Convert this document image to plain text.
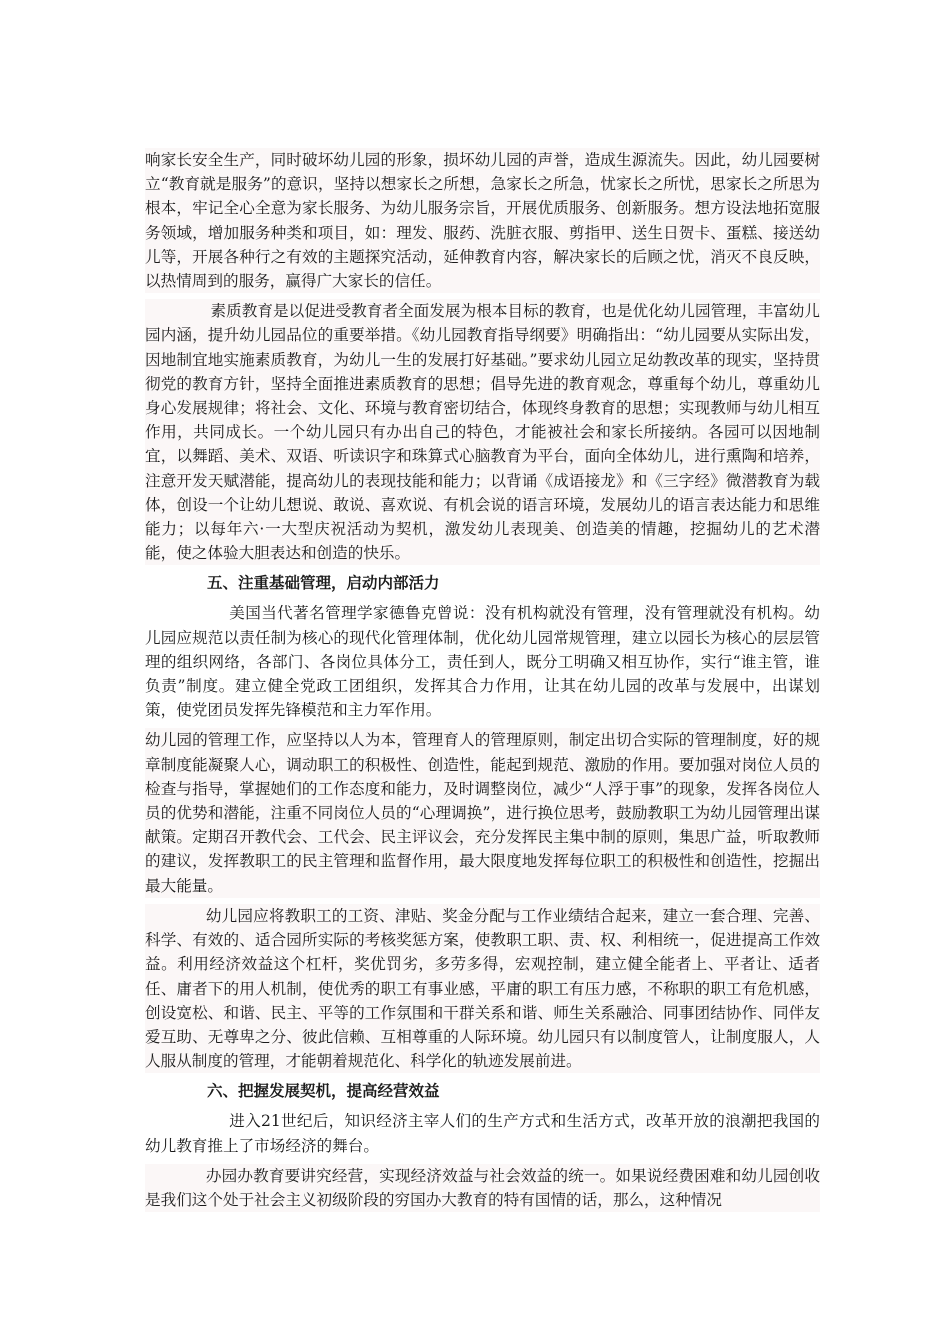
响家长安全生产，同时破坏幼儿园的形象，损坏幼儿园的声誉，造成生源流失。因此，幼儿园要树立“教育就是服务”的意识，坚持以想家长之所想，急家长之所急，忧家长之所忧，思家长之所思为根本，牢记全心全意为家长服务、为幼儿服务宗旨，开展优质服务、创新服务。想方设法地拓宽服务领域，增加服务种类和项目，如：理发、服药、洗脏衣服、剪指甲、送生日贺卡、蛋糕、接送幼儿等，开展各种行之有效的主题探究活动，延伸教育内容，解决家长的后顾之忧，消灭不良反映，以热情周到的服务，赢得广大家长的信任。

素质教育是以促进受教育者全面发展为根本目标的教育，也是优化幼儿园管理，丰富幼儿园内涵，提升幼儿园品位的重要举措。《幼儿园教育指导纲要》明确指出：“幼儿园要从实际出发，因地制宜地实施素质教育，为幼儿一生的发展打好基础。”要求幼儿园立足幼教改革的现实，坚持贯彻党的教育方针，坚持全面推进素质教育的思想；倡导先进的教育观念，尊重每个幼儿，尊重幼儿身心发展规律；将社会、文化、环境与教育密切结合，体现终身教育的思想；实现教师与幼儿相互作用，共同成长。一个幼儿园只有办出自己的特色，才能被社会和家长所接纳。各园可以因地制宜，以舞蹈、美术、双语、听读识字和珠算式心脑教育为平台，面向全体幼儿，进行熏陶和培养，注意开发天赋潜能，提高幼儿的表现技能和能力；以背诵《成语接龙》和《三字经》微潜教育为载体，创设一个让幼儿想说、敢说、喜欢说、有机会说的语言环境，发展幼儿的语言表达能力和思维能力；以每年六·一大型庆祝活动为契机，激发幼儿表现美、创造美的情趣，挖掘幼儿的艺术潜能，使之体验大胆表达和创造的快乐。

五、注重基础管理，启动内部活力

美国当代著名管理学家德鲁克曾说：没有机构就没有管理，没有管理就没有机构。幼儿园应规范以责任制为核心的现代化管理体制，优化幼儿园常规管理，建立以园长为核心的层层管理的组织网络，各部门、各岗位具体分工，责任到人，既分工明确又相互协作，实行“谁主管，谁负责”制度。建立健全党政工团组织，发挥其合力作用，让其在幼儿园的改革与发展中，出谋划策，使党团员发挥先锋模范和主力军作用。

幼儿园的管理工作，应坚持以人为本，管理育人的管理原则，制定出切合实际的管理制度，好的规章制度能凝聚人心，调动职工的积极性、创造性，能起到规范、激励的作用。要加强对岗位人员的检查与指导，掌握她们的工作态度和能力，及时调整岗位，减少“人浮于事”的现象，发挥各岗位人员的优势和潜能，注重不同岗位人员的“心理调换”，进行换位思考，鼓励教职工为幼儿园管理出谋献策。定期召开教代会、工代会、民主评议会，充分发挥民主集中制的原则，集思广益，听取教师的建议，发挥教职工的民主管理和监督作用，最大限度地发挥每位职工的积极性和创造性，挖掘出最大能量。

幼儿园应将教职工的工资、津贴、奖金分配与工作业绩结合起来，建立一套合理、完善、科学、有效的、适合园所实际的考核奖惩方案，使教职工职、责、权、利相统一，促进提高工作效益。利用经济效益这个杠杆，奖优罚劣，多劳多得，宏观控制，建立健全能者上、平者让、适者任、庸者下的用人机制，使优秀的职工有事业感，平庸的职工有压力感，不称职的职工有危机感，创设宽松、和谐、民主、平等的工作氛围和干群关系和谐、师生关系融洽、同事团结协作、同伴友爱互助、无尊卑之分、彼此信赖、互相尊重的人际环境。幼儿园只有以制度管人，让制度服人，人人服从制度的管理，才能朝着规范化、科学化的轨迹发展前进。

六、把握发展契机，提高经营效益

进入21世纪后，知识经济主宰人们的生产方式和生活方式，改革开放的浪潮把我国的幼儿教育推上了市场经济的舞台。

办园办教育要讲究经营，实现经济效益与社会效益的统一。如果说经费困难和幼儿园创收是我们这个处于社会主义初级阶段的穷国办大教育的特有国情的话，那么，这种情况
